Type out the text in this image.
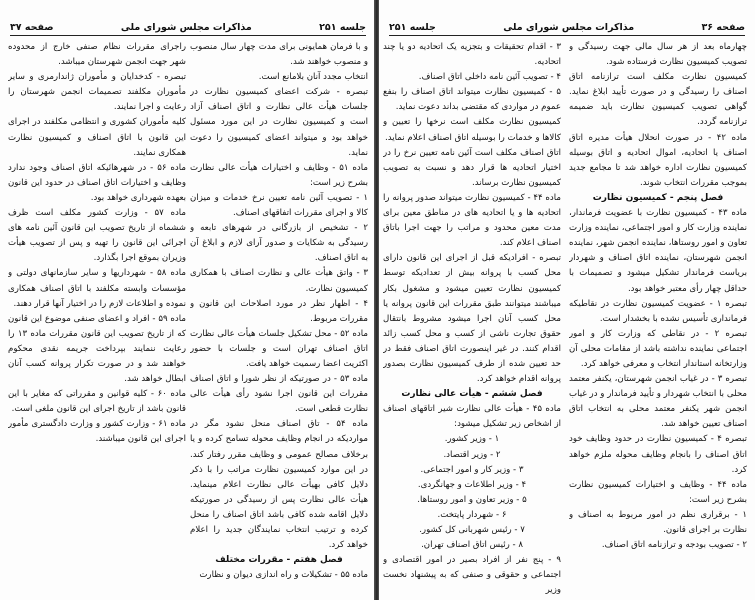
جلسه ۲۵۱
مذاکرات مجلس شورای ملی
صفحه ۳۷

و با فرمان همایونی برای مدت چهار سال منصوب و منصوب خواهند شد.

انتخاب مجدد آنان بلامانع است.

تبصره - شرکت اعضای کمیسیون نظارت در جلسات هیأت عالی نظارت و اتاق اصناف آزاد است و کمیسیون نظارت در این مورد مسئول خواهد بود و میتواند اعضای کمیسیون را دعوت نماید.

ماده ۵۱ - وظایف و اختیارات هیأت عالی نظارت بشرح زیر است:

۱ - تصویب آئین نامه تعیین نرخ خدمات و میزان کالا و اجرای مقررات اتفاقهای اصناف.

۲ - تشخیص از بازرگانی در شهرهای تابعه و رسیدگی به شکایات و صدور آرای لازم و ابلاغ آن به اتاق اصناف.

۳ - واتق هیأت عالی و نظارت اصناف با همکاری کمیسیون نظارت.

۴ - اظهار نظر در مورد اصلاحات این قانون و مقررات مربوط.

ماده ۵۲ - محل تشکیل جلسات هیأت عالی نظارت اتاق اصناف تهران است و جلسات با حضور اکثریت اعضا رسمیت خواهد یافت.

ماده ۵۳ - در صورتیکه از نظر شورا و اتاق اصناف مقررات این قانون اجرا نشود رأی هیأت عالی نظارت قطعی است.

ماده ۵۴ - تاق اصناف منحل نشود مگر در مواردیکه در انجام وظایف محوله تسامح کرده و یا برخلاف مصالح عمومی و وظایف مقرر رفتار کند. در این موارد کمیسیون نظارت مراتب را با ذکر دلایل کافی بهیأت عالی نظارت اعلام مینماید. هیأت عالی نظارت پس از رسیدگی در صورتیکه دلایل اقامه شده کافی باشد اتاق اصناف را منحل کرده و ترتیب انتخاب نمایندگان جدید را اعلام خواهد کرد.

فصل هفتم - مقررات مختلف

ماده ۵۵ - تشکیلات و راه اندازی دیوان و نظارت

راجرای مقررات نظام صنفی خارج از محدوده شهر جهت انجمن شهرستان میباشد.

تبصره - کدخدایان و مأموران ژاندارمری و سایر مأموران مکلفند تصمیمات انجمن شهرستان را رعایت و اجرا نمایند.

کلیه مأموران کشوری و انتظامی مکلفند در اجرای این قانون با اتاق اصناف و کمیسیون نظارت همکاری نمایند.

ماده ۵۶ - در شهرهائیکه اتاق اصناف وجود ندارد وظایف و اختیارات اتاق اصناف در حدود این قانون بعهده شهرداری خواهد بود.

ماده ۵۷ - وزارت کشور مکلف است ظرف ششماه از تاریخ تصویب این قانون آئین نامه های اجرائی این قانون را تهیه و پس از تصویب هیأت وزیران بموقع اجرا بگذارد.

ماده ۵۸ - شهرداریها و سایر سازمانهای دولتی و مؤسسات وابسته مکلفند با اتاق اصناف همکاری نموده و اطلاعات لازم را در اختیار آنها قرار دهند.

ماده ۵۹ - افراد و اعضای صنفی موضوع این قانون که از تاریخ تصویب این قانون مقررات ماده ۱۳ را رعایت ننمایند بپرداخت جریمه نقدی محکوم خواهند شد و در صورت تکرار پروانه کسب آنان ابطال خواهد شد.

ماده ۶۰ - کلیه قوانین و مقرراتی که مغایر با این قانون باشد از تاریخ اجرای این قانون ملغی است.

ماده ۶۱ - وزارت کشور و وزارت دادگستری مأمور اجرای این قانون میباشند.

صفحه ۳۶
مذاکرات مجلس شورای ملی
جلسه ۲۵۱

چهارماه بعد از هر سال مالی جهت رسیدگی و تصویب کمیسیون نظارت فرستاده شود.

کمیسیون نظارت مکلف است ترازنامه اتاق اصناف را رسیدگی و در صورت تأیید ابلاغ نماید. گواهی تصویب کمیسیون نظارت باید ضمیمه ترازنامه گردد.

ماده ۴۲ - در صورت انحلال هیأت مدیره اتاق اصناف یا اتحادیه، اموال اتحادیه و اتاق بوسیله کمیسیون نظارت اداره خواهد شد تا مجامع جدید بموجب مقررات انتخاب شوند.

فصل پنجم - کمیسیون نظارت

ماده ۴۳ - کمیسیون نظارت با عضویت فرماندار، نماینده وزارت کار و امور اجتماعی، نماینده وزارت تعاون و امور روستاها، نماینده انجمن شهر، نماینده انجمن شهرستان، نماینده اتاق اصناف و شهردار بریاست فرماندار تشکیل میشود و تصمیمات با حداقل چهار رأی معتبر خواهد بود.

تبصره ۱ - عضویت کمیسیون نظارت در نقاطیکه فرمانداری تأسیس نشده با بخشدار است.

تبصره ۲ - در نقاطی که وزارت کار و امور اجتماعی نماینده نداشته باشد از مقامات محلی آن وزارتخانه استاندار انتخاب و معرفی خواهد کرد.

تبصره ۳ - در غیاب انجمن شهرستان، یکنفر معتمد محلی با انتخاب شهردار و تأیید فرماندار و در غیاب انجمن شهر یکنفر معتمد محلی به انتخاب اتاق اصناف تعیین خواهد شد.

تبصره ۴ - کمیسیون نظارت در حدود وظایف خود اتاق اصناف را بانجام وظایف محوله ملزم خواهد کرد.

ماده ۴۴ - وظایف و اختیارات کمیسیون نظارت بشرح زیر است:

۱ - برقراری نظم در امور مربوط به اصناف و نظارت بر اجرای قانون.

۲ - تصویب بودجه و ترازنامه اتاق اصناف.

۳ - اقدام تحقیقات و بتجزیه یک اتحادیه دو یا چند اتحادیه.

۴ - تصویب آئین نامه داخلی اتاق اصناف.

۵ - کمیسیون نظارت میتواند اتاق اصناف را بنفع عموم در مواردی که مقتضی بداند دعوت نماید.

کمیسیون نظارت مکلف است نرخها را تعیین و کالاها و خدمات را بوسیله اتاق اصناف اعلام نماید.

اتاق اصناف مکلف است آئین نامه تعیین نرخ را در اختیار اتحادیه ها قرار دهد و نسبت به تصویب کمیسیون نظارت برساند.

ماده ۴۴ - کمیسیون نظارت میتواند صدور پروانه را اتحادیه ها و یا اتحادیه های در مناطق معین برای مدت معین محدود و مراتب را جهت اجرا باتاق اصناف اعلام کند.

تبصره - افرادیکه قبل از اجرای این قانون دارای محل کسب با پروانه بیش از تعدادیکه توسط کمیسیون نظارت تعیین میشود و مشغول بکار میباشند میتوانند طبق مقررات این قانون پروانه یا محل کسب آنان اجرا میشود مشروط بانتقال حقوق تجارت ناشی از کسب و محل کسب زائد اقدام کنند. در غیر اینصورت اتاق اصناف فقط در حد تعیین شده از طرف کمیسیون نظارت بصدور پروانه اقدام خواهد کرد.

فصل ششم - هیأت عالی نظارت

ماده ۴۵ - هیأت عالی نظارت شیر اتاقهای اصناف از اشخاص زیر تشکیل میشود:

۱ - وزیر کشور.

۲ - وزیر اقتصاد.

۳ - وزیر کار و امور اجتماعی.

۴ - وزیر اطلاعات و جهانگردی.

۵ - وزیر تعاون و امور روستاها.

۶ - شهردار پایتخت.

۷ - رئیس شهربانی کل کشور.

۸ - رئیس اتاق اصناف تهران.

۹ - پنج نفر از افراد بصیر در امور اقتصادی و اجتماعی و حقوقی و صنفی که به پیشنهاد نخست وزیر
